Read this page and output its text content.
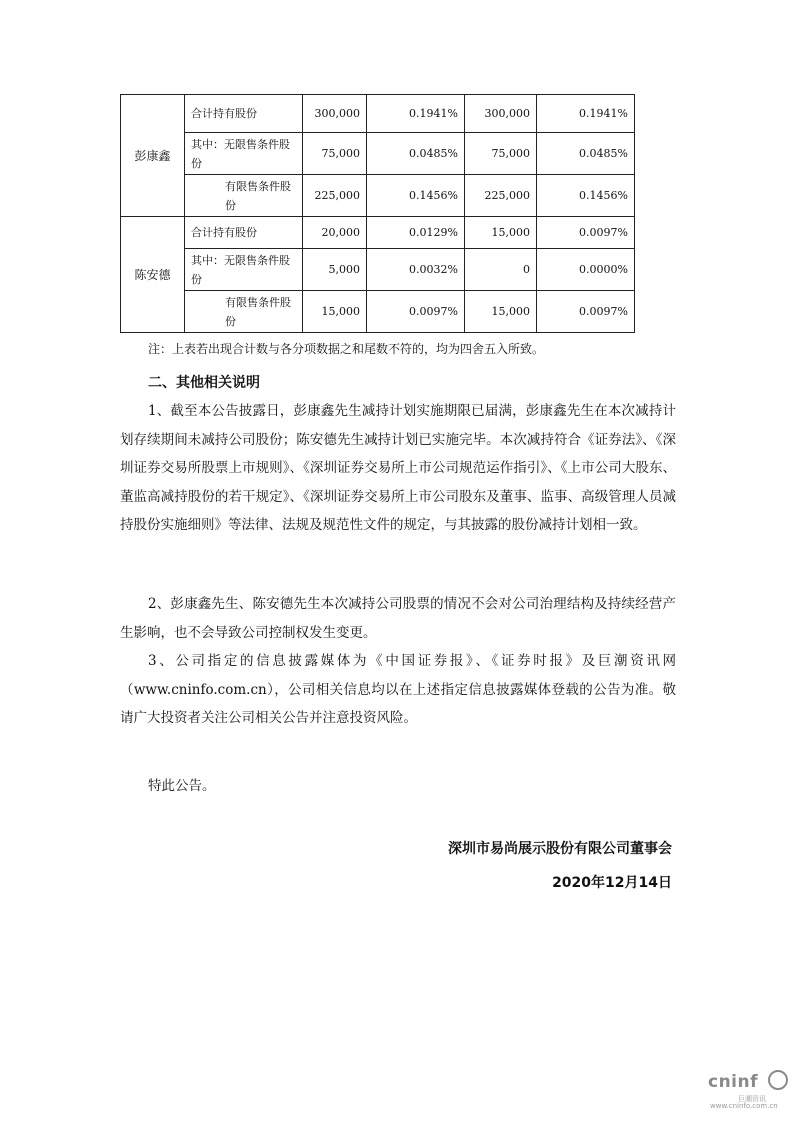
彭康鑫	合计持有股份	300,000	0.1941%	300,000	0.1941%
	其中：无限售条件股份	75,000	0.0485%	75,000	0.0485%
	有限售条件股份	225,000	0.1456%	225,000	0.1456%
陈安德	合计持有股份	20,000	0.0129%	15,000	0.0097%
	其中：无限售条件股份	5,000	0.0032%	0	0.0000%
	有限售条件股份	15,000	0.0097%	15,000	0.0097%
注：上表若出现合计数与各分项数据之和尾数不符的，均为四舍五入所致。
二、其他相关说明

1、截至本公告披露日，彭康鑫先生减持计划实施期限已届满，彭康鑫先生在本次减持计划存续期间未减持公司股份；陈安德先生减持计划已实施完毕。本次减持符合《证券法》、《深圳证券交易所股票上市规则》、《深圳证券交易所上市公司规范运作指引》、《上市公司大股东、董监高减持股份的若干规定》、《深圳证券交易所上市公司股东及董事、监事、高级管理人员减持股份实施细则》等法律、法规及规范性文件的规定，与其披露的股份减持计划相一致。

2、彭康鑫先生、陈安德先生本次减持公司股票的情况不会对公司治理结构及持续经营产生影响，也不会导致公司控制权发生变更。

3、公司指定的信息披露媒体为《中国证券报》、《证券时报》及巨潮资讯网（www.cninfo.com.cn），公司相关信息均以在上述指定信息披露媒体登载的公告为准。敬请广大投资者关注公司相关公告并注意投资风险。

特此公告。
深圳市易尚展示股份有限公司董事会
2020年12月14日
cninf
巨潮资讯
www.cninfo.com.cn
